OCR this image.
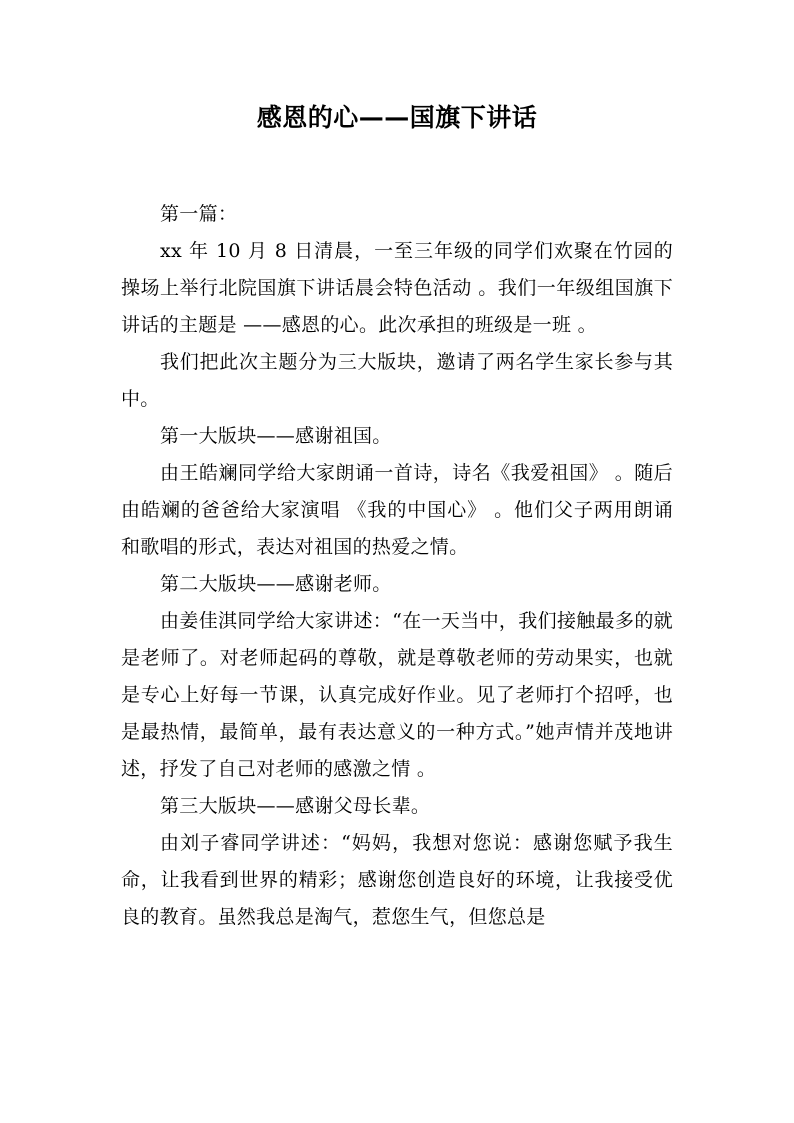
感恩的心——国旗下讲话

第一篇：

xx 年 10 月 8 日清晨，一至三年级的同学们欢聚在竹园的操场上举行北院国旗下讲话晨会特色活动 。我们一年级组国旗下讲话的主题是 ——感恩的心。此次承担的班级是一班 。

我们把此次主题分为三大版块，邀请了两名学生家长参与其中。

第一大版块——感谢祖国。

由王皓斓同学给大家朗诵一首诗，诗名《我爱祖国》 。随后由皓斓的爸爸给大家演唱 《我的中国心》 。他们父子两用朗诵和歌唱的形式，表达对祖国的热爱之情。

第二大版块——感谢老师。

由姜佳淇同学给大家讲述：“在一天当中，我们接触最多的就是老师了。对老师起码的尊敬，就是尊敬老师的劳动果实，也就是专心上好每一节课，认真完成好作业。见了老师打个招呼，也是最热情，最简单，最有表达意义的一种方式。”她声情并茂地讲述，抒发了自己对老师的感激之情 。

第三大版块——感谢父母长辈。

由刘子睿同学讲述：“妈妈，我想对您说：感谢您赋予我生命，让我看到世界的精彩；感谢您创造良好的环境，让我接受优良的教育。虽然我总是淘气，惹您生气，但您总是
